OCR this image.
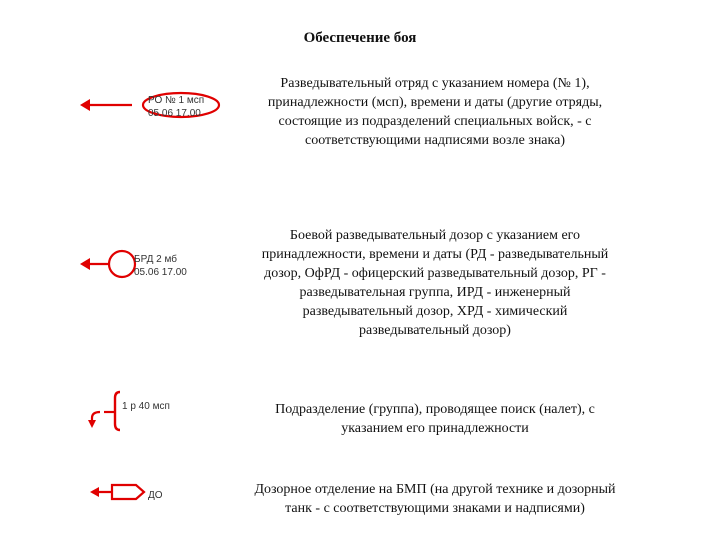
Обеспечение боя
РО № 1 мсп
05.06 17.00
Разведывательный отряд с указанием номера (№ 1),
принадлежности (мсп), времени и даты (другие отряды,
состоящие из подразделений специальных войск, - с
соответствующими надписями возле знака)
БРД 2 мб
05.06 17.00
Боевой разведывательный дозор с указанием его
принадлежности, времени и даты (РД - разведывательный
дозор, ОфРД - офицерский разведывательный дозор, РГ -
разведывательная группа, ИРД - инженерный
разведывательный дозор, ХРД - химический
разведывательный дозор)
1 р 40 мсп	Подразделение (группа), проводящее поиск (налет), с
указанием его принадлежности
ДО	Дозорное отделение на БМП (на другой технике и дозорный
танк - с соответствующими знаками и надписями)
